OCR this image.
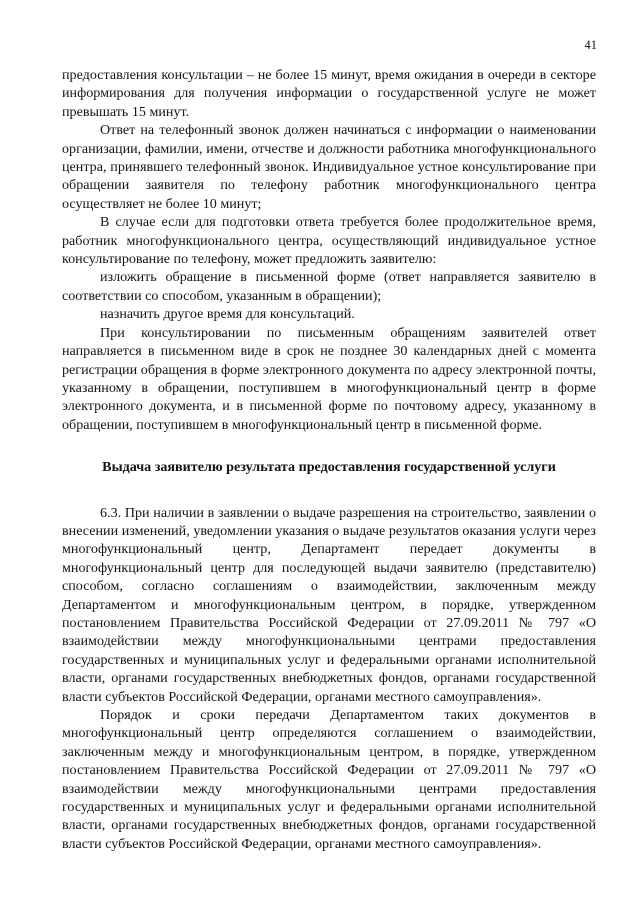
41

предоставления консультации – не более 15 минут, время ожидания в очереди в секторе информирования для получения информации о государственной услуге не может превышать 15 минут.

Ответ на телефонный звонок должен начинаться с информации о наименовании организации, фамилии, имени, отчестве и должности работника многофункционального центра, принявшего телефонный звонок. Индивидуальное устное консультирование при обращении заявителя по телефону работник многофункционального центра осуществляет не более 10 минут;

В случае если для подготовки ответа требуется более продолжительное время, работник многофункционального центра, осуществляющий индивидуальное устное консультирование по телефону, может предложить заявителю:

изложить обращение в письменной форме (ответ направляется заявителю в соответствии со способом, указанным в обращении);

назначить другое время для консультаций.

При консультировании по письменным обращениям заявителей ответ направляется в письменном виде в срок не позднее 30 календарных дней с момента регистрации обращения в форме электронного документа по адресу электронной почты, указанному в обращении, поступившем в многофункциональный центр в форме электронного документа, и в письменной форме по почтовому адресу, указанному в обращении, поступившем в многофункциональный центр в письменной форме.

Выдача заявителю результата предоставления государственной услуги

6.3. При наличии в заявлении о выдаче разрешения на строительство, заявлении о внесении изменений, уведомлении указания о выдаче результатов оказания услуги через многофункциональный центр, Департамент передает документы в многофункциональный центр для последующей выдачи заявителю (представителю) способом, согласно соглашениям о взаимодействии, заключенным между Департаментом и многофункциональным центром, в порядке, утвержденном постановлением Правительства Российской Федерации от 27.09.2011 № 797 «О взаимодействии между многофункциональными центрами предоставления государственных и муниципальных услуг и федеральными органами исполнительной власти, органами государственных внебюджетных фондов, органами государственной власти субъектов Российской Федерации, органами местного самоуправления».

Порядок и сроки передачи Департаментом таких документов в многофункциональный центр определяются соглашением о взаимодействии, заключенным между и многофункциональным центром, в порядке, утвержденном постановлением Правительства Российской Федерации от 27.09.2011 № 797 «О взаимодействии между многофункциональными центрами предоставления государственных и муниципальных услуг и федеральными органами исполнительной власти, органами государственных внебюджетных фондов, органами государственной власти субъектов Российской Федерации, органами местного самоуправления».
